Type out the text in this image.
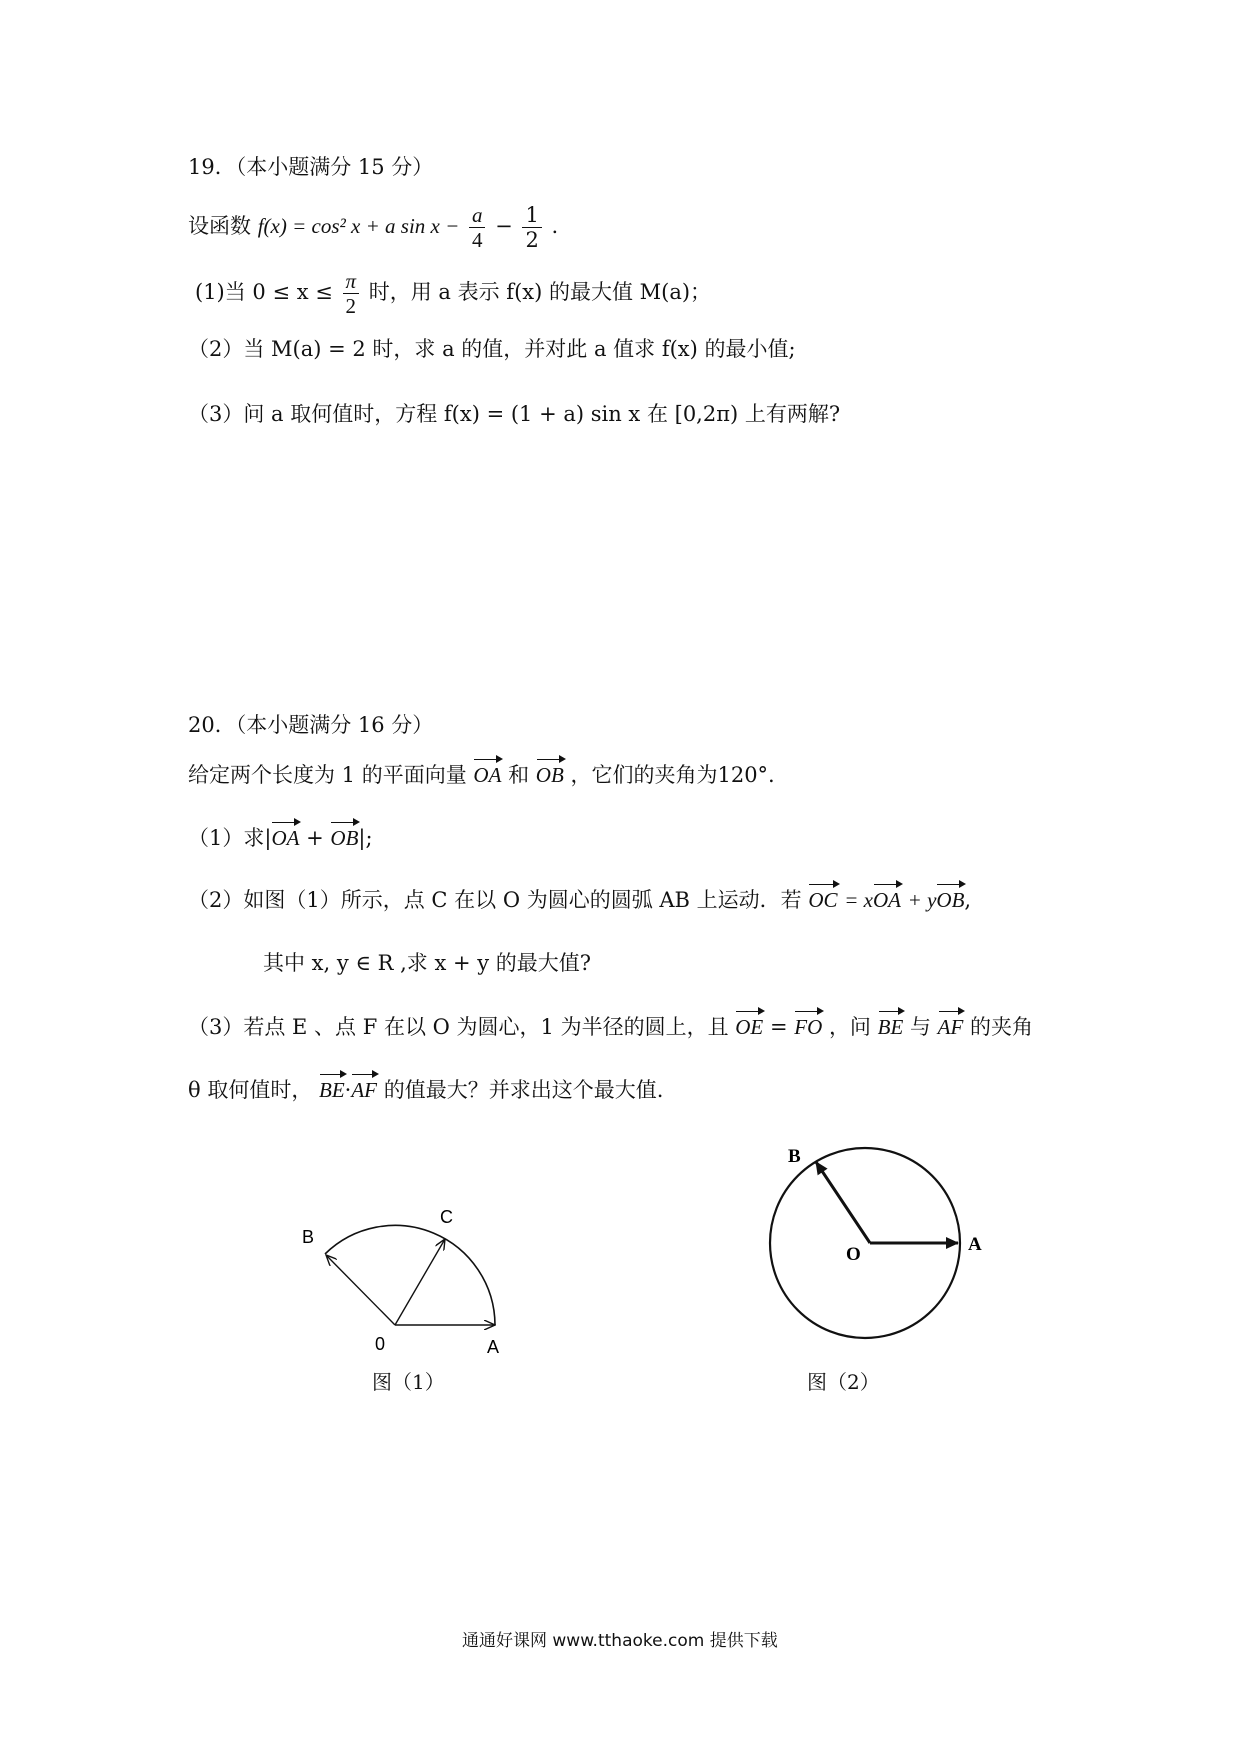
19．（本小题满分 15 分）
设函数 f(x) = cos² x + a $\sin x - \frac{a}{4} - \frac{1}{2}$ .
(1)当 $0 \le x \le \frac{\pi}{2}$ 时，用 a 表示 f(x) 的最大值 M(a)；
（2）当 M(a) = 2 时，求 a 的值，并对此 a 值求 f(x) 的最小值;
（3）问 a 取何值时，方程 f(x) = (1 + a) sin x 在 [0,2π) 上有两解?
20．（本小题满分 16 分）
给定两个长度为 1 的平面向量 OA 和 OB ，它们的夹角为120°.
（1）求|OA + OB|;
（2）如图（1）所示，点 C 在以 O 为圆心的圆弧 AB 上运动．若 OC = xOA + yOB,
其中 x, y ∈ R ,求 x + y 的最大值?
（3）若点 E 、点 F 在以 O 为圆心，1 为半径的圆上，且 OE = FO ，问 BE 与 AF 的夹角
θ 取何值时， BE·AF 的值最大？并求出这个最大值.
B
C
0	A
图（1）
B
O	A
图（2）
通通好课网 www.tthaoke.com 提供下载
